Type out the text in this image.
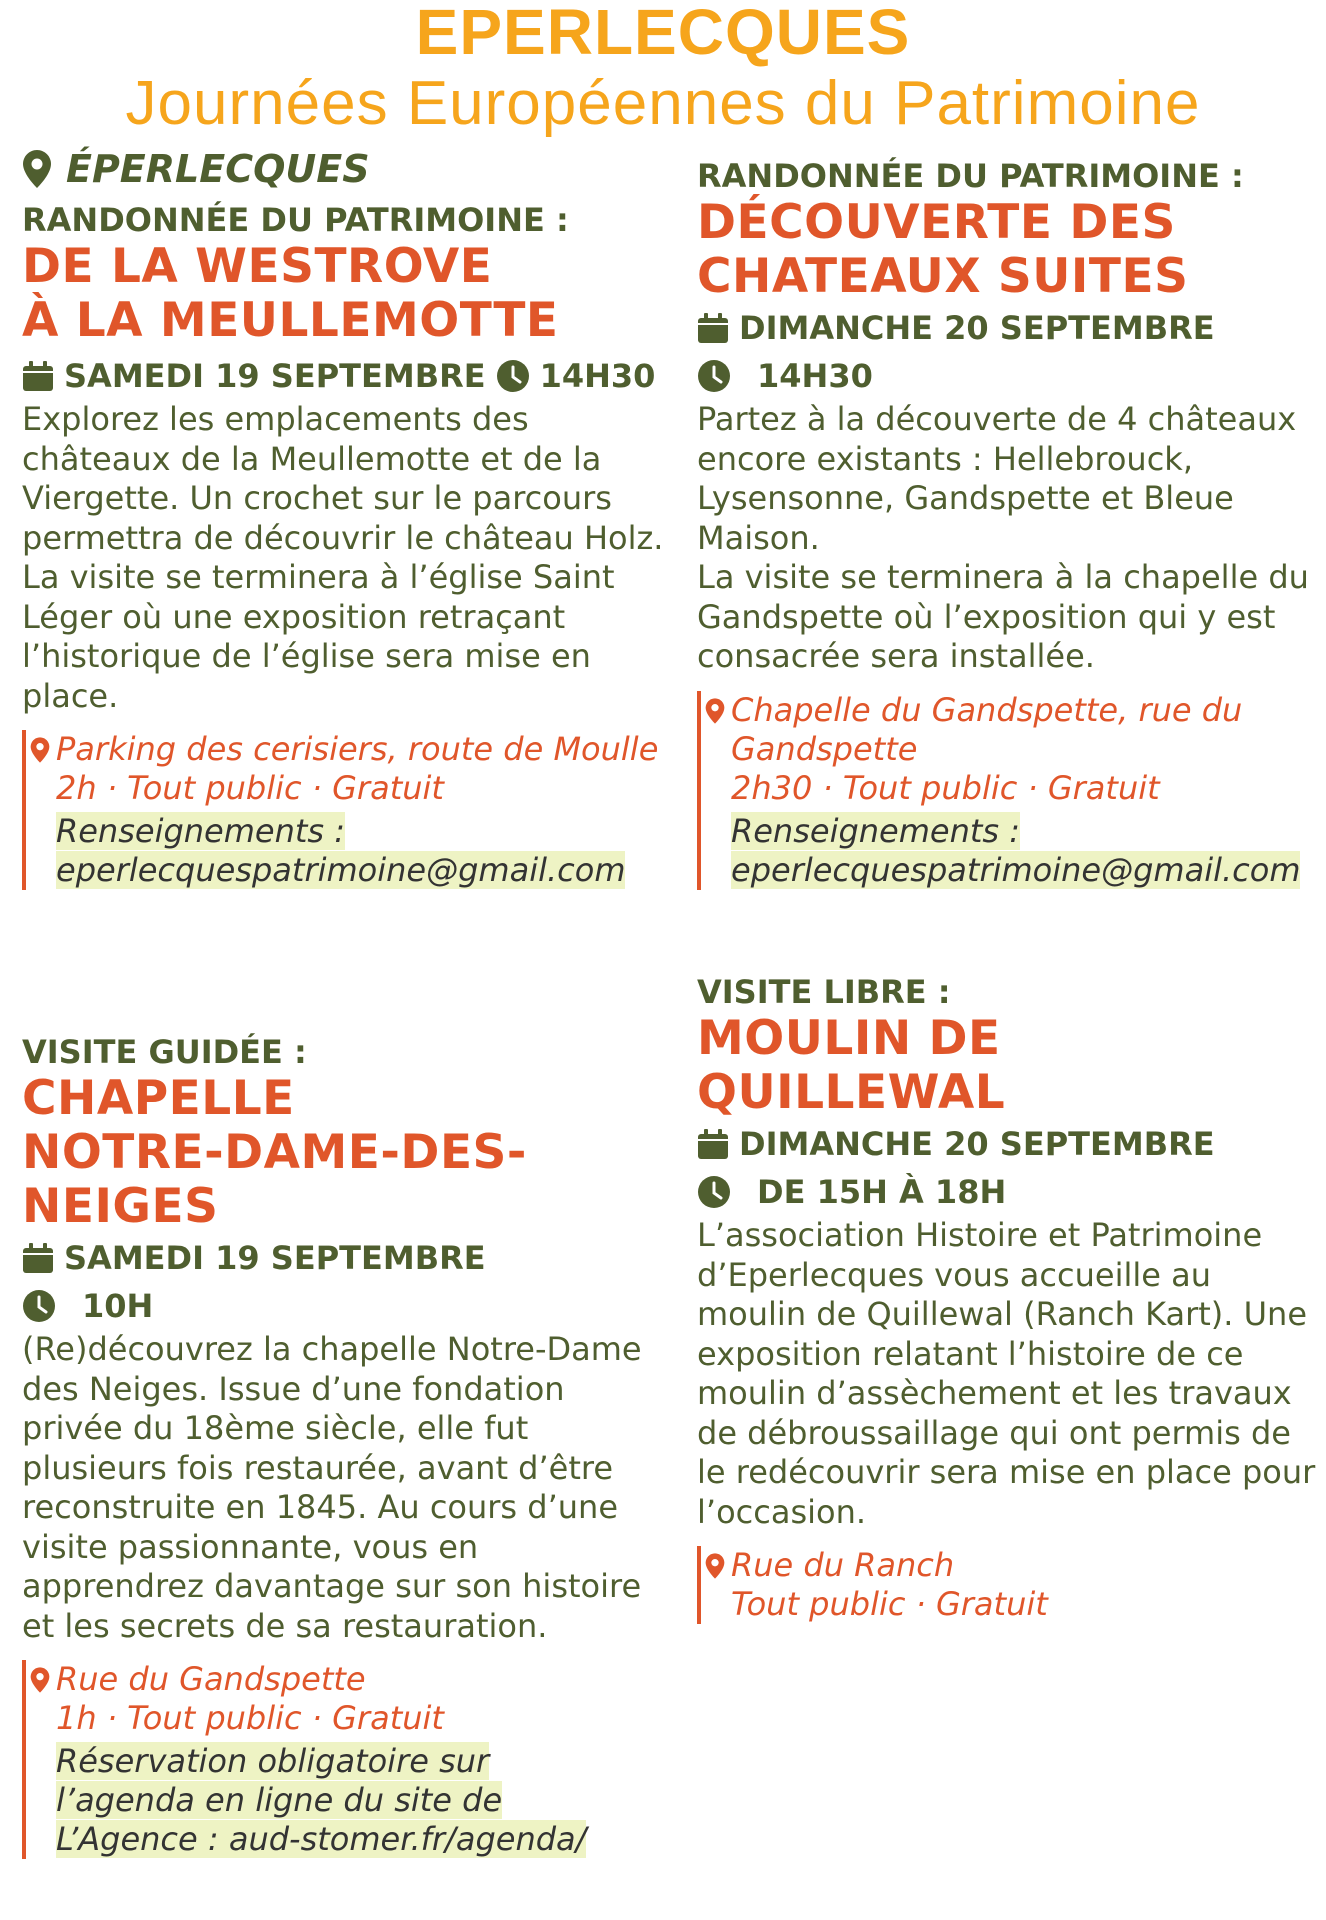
EPERLECQUES
Journées Européennes du Patrimoine
ÉPERLECQUES
RANDONNÉE DU PATRIMOINE :
DE LA WESTROVE
À LA MEULLEMOTTE
SAMEDI 19 SEPTEMBRE 14H30

Explorez les emplacements des châteaux de la Meullemotte et de la Viergette. Un crochet sur le parcours permettra de découvrir le château Holz. La visite se terminera à l’église Saint Léger où une exposition retraçant l’historique de l’église sera mise en place.

Parking des cerisiers, route de Moulle
2h · Tout public · Gratuit
Renseignements :
eperlecquespatrimoine@gmail.com
RANDONNÉE DU PATRIMOINE :
DÉCOUVERTE DES
CHATEAUX SUITES
DIMANCHE 20 SEPTEMBRE
14H30

Partez à la découverte de 4 châteaux encore existants : Hellebrouck, Lysensonne, Gandspette et Bleue Maison.

La visite se terminera à la chapelle du Gandspette où l’exposition qui y est consacrée sera installée.

Chapelle du Gandspette, rue du Gandspette
2h30 · Tout public · Gratuit
Renseignements :
eperlecquespatrimoine@gmail.com
VISITE GUIDÉE :
CHAPELLE
NOTRE-DAME-DES-
NEIGES
SAMEDI 19 SEPTEMBRE
10H

(Re)découvrez la chapelle Notre-Dame des Neiges. Issue d’une fondation privée du 18ème siècle, elle fut plusieurs fois restaurée, avant d’être reconstruite en 1845. Au cours d’une visite passionnante, vous en apprendrez davantage sur son histoire et les secrets de sa restauration.

Rue du Gandspette
1h · Tout public · Gratuit
Réservation obligatoire sur
l’agenda en ligne du site de
L’Agence : aud-stomer.fr/agenda/
VISITE LIBRE :
MOULIN DE QUILLEWAL
DIMANCHE 20 SEPTEMBRE
DE 15H À 18H

L’association Histoire et Patrimoine d’Eperlecques vous accueille au moulin de Quillewal (Ranch Kart). Une exposition relatant l’histoire de ce moulin d’assèchement et les travaux de débroussaillage qui ont permis de le redécouvrir sera mise en place pour l’occasion.

Rue du Ranch
Tout public · Gratuit
